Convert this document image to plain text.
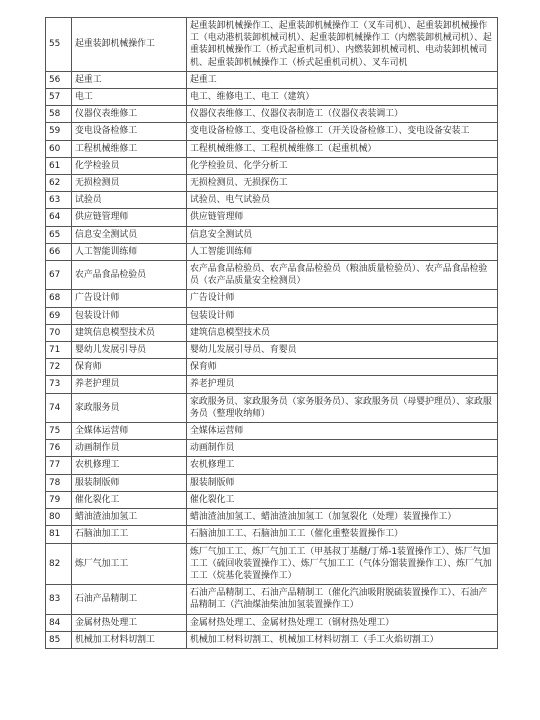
55	起重装卸机械操作工	起重装卸机械操作工、起重装卸机械操作工（叉车司机）、起重装卸机械操作工（电动港机装卸机械司机）、起重装卸机械操作工（内燃装卸机械司机）、起重装卸机械操作工（桥式起重机司机）、内燃装卸机械司机、电动装卸机械司机、起重装卸机械操作工（桥式起重机司机）、叉车司机
56	起重工	起重工
57	电工	电工、维修电工、电工（建筑）
58	仪器仪表维修工	仪器仪表维修工、仪器仪表制造工（仪器仪表装调工）
59	变电设备检修工	变电设备检修工、变电设备检修工（开关设备检修工）、变电设备安装工
60	工程机械维修工	工程机械维修工、工程机械维修工（起重机械）
61	化学检验员	化学检验员、化学分析工
62	无损检测员	无损检测员、无损探伤工
63	试验员	试验员、电气试验员
64	供应链管理师	供应链管理师
65	信息安全测试员	信息安全测试员
66	人工智能训练师	人工智能训练师
67	农产品食品检验员	农产品食品检验员、农产品食品检验员（粮油质量检验员）、农产品食品检验员（农产品质量安全检测员）
68	广告设计师	广告设计师
69	包装设计师	包装设计师
70	建筑信息模型技术员	建筑信息模型技术员
71	婴幼儿发展引导员	婴幼儿发展引导员、育婴员
72	保育师	保育师
73	养老护理员	养老护理员
74	家政服务员	家政服务员、家政服务员（家务服务员）、家政服务员（母婴护理员）、家政服务员（整理收纳师）
75	全媒体运营师	全媒体运营师
76	动画制作员	动画制作员
77	农机修理工	农机修理工
78	服装制版师	服装制版师
79	催化裂化工	催化裂化工
80	蜡油渣油加氢工	蜡油渣油加氢工、蜡油渣油加氢工（加氢裂化（处理）装置操作工）
81	石脑油加工工	石脑油加工工、石脑油加工工（催化重整装置操作工）
82	炼厂气加工工	炼厂气加工工、炼厂气加工工（甲基叔丁基醚/丁烯-1装置操作工）、炼厂气加工工（硫回收装置操作工）、炼厂气加工工（气体分馏装置操作工）、炼厂气加工工（烷基化装置操作工）
83	石油产品精制工	石油产品精制工、石油产品精制工（催化汽油吸附脱硫装置操作工）、石油产品精制工（汽油煤油柴油加氢装置操作工）
84	金属材热处理工	金属材热处理工、金属材热处理工（钢材热处理工）
85	机械加工材料切割工	机械加工材料切割工、机械加工材料切割工（手工火焰切割工）
